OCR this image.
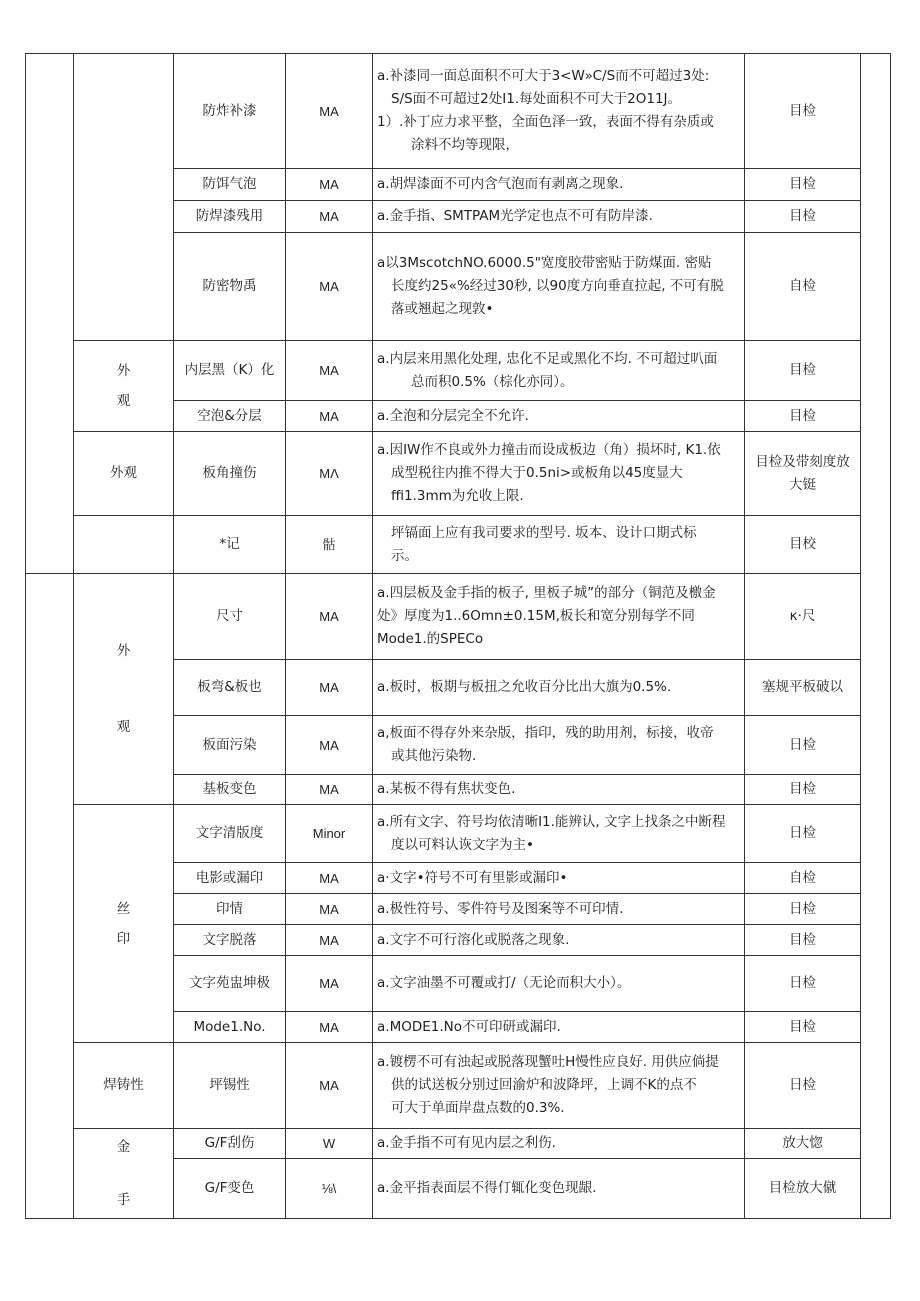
		防炸补漆	MA	a.补漆同一面总面积不可大于3<W»C/S而不可超过3处:
S/S面不可超过2处I1.每处面积不可大于2O11J。
1）.补丁应力求平整，全面色泽一致，表面不得有杂质或
涂料不均等现限，	目检	
		防饵气泡	MA	a.胡焊漆面不可内含气泡而有剥离之现象.	目检	
		防焊漆残用	MA	a.金手指、SMTPAM光学定也点不可有防岸漆.	目检	
		防密物禹	MA	a以3MscotchNO.6000.5"宽度胶带密贴于防煤面. 密贴
长度约25«%经过30秒, 以90度方向垂直拉起, 不可有脱
落或翘起之现敦•	自检	
	外
观	内层黑（K）化	MA	a.内层来用黑化处理, 忠化不足或黑化不均. 不可超过叭面
总而积0.5%（棕化亦同）。	目检	
		空泡&分层	MA	a.全泡和分层完全不允许.	目检	
	外观	板角撞伤	MΛ	a.因IW作不良或外力撞击而设成板边（角）损坏时, K1.依
成型税往内推不得大于0.5ni>或板角以45度显大
ffi1.3mm为允收上限.	目检及带刻度放大铤	
		*记	骷	坪镉面上应有我司要求的型号. 坂本、设计口期式标
示。	目校	
	外

观	尺寸	MA	a.四层板及金手指的板子, 里板子城”的部分（铜范及檄金
处》厚度为1..6Omn±0.15M,板长和宽分别每学不同
Mode1.的SPECo	κ·尺	
		板弯&板也	MA	a.板时，板期与板扭之允收百分比出大旗为0.5%.	塞规平板破以	
		板面污染	MA	a,板面不得存外来杂版，指印，残的助用剂，标接，收帝
或其他污染物.	日检	
		基板变色	MA	a.某板不得有焦状变色.	目检	
	丝
印	文字清版度	Minor	a.所有文字、符号均依清晰I1.能辨认, 文字上找条之中断程
度以可料认诙文字为主•	日检	
		电影或漏印	MA	a·文字•符号不可有里影或漏印•	自检	
		印情	MA	a.极性符号、零件符号及图案等不可印情.	日检	
		文字脱落	MA	a.文字不可行溶化或脱落之现象.	目检	
		文字苑盅坤极	MA	a.文字油墨不可覆或打/（无论而积大小）。	日检	
		Mode1.No.	MA	a.MODE1.No不可印研或漏印.	目检	
	焊铸性	坪锡性	MA	a.镀楞不可有浊起或脱落现蟹吐H慢性应良好. 用供应倘提
供的试送板分别过回渝炉和波降坪，上调不K的点不
可大于单面岸盘点数的0.3%.	日检	
	金

手	G/F刮伤	W	a.金手指不可有见内层之利伤.	放大惚	
		G/F变色	⅛\	a.金平指表面层不得仃辄化变色现龈.	目检放大僦	
